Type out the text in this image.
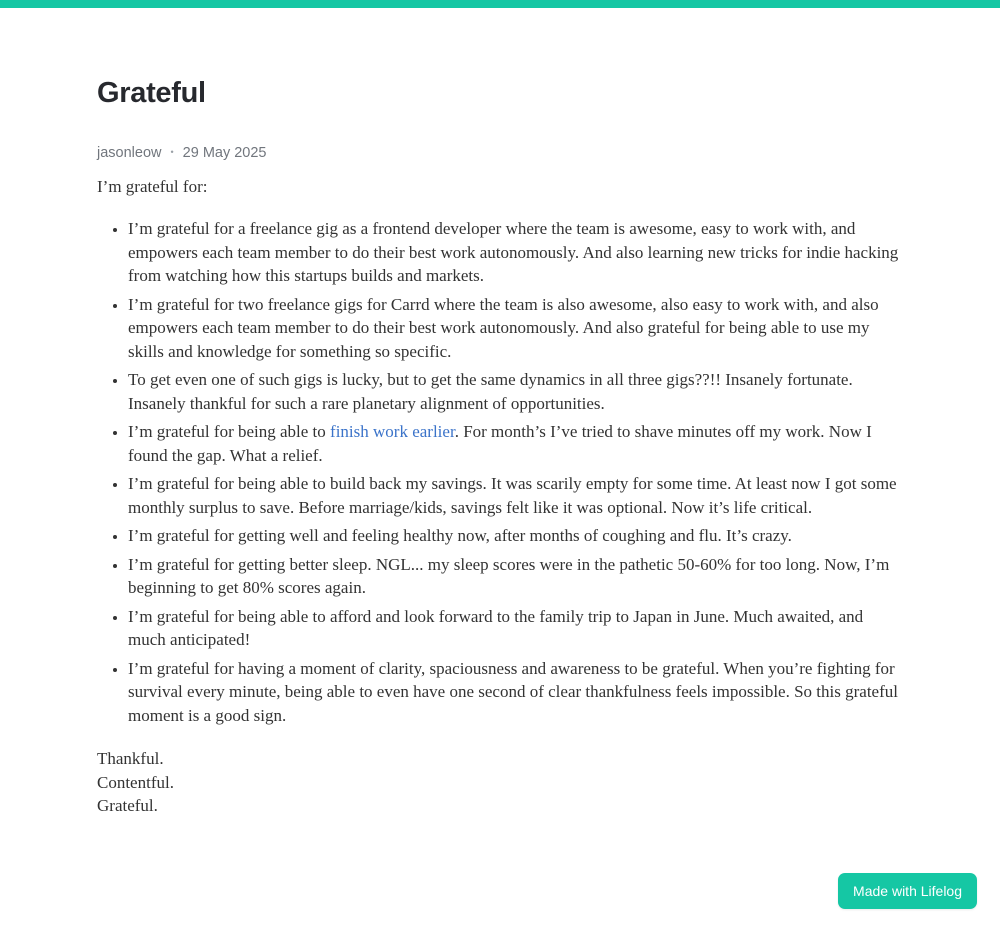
Grateful
jasonleow • 29 May 2025

I’m grateful for:

• I’m grateful for a freelance gig as a frontend developer where the team is awesome, easy to work with, and empowers each team member to do their best work autonomously. And also learning new tricks for indie hacking from watching how this startups builds and markets.
• I’m grateful for two freelance gigs for Carrd where the team is also awesome, also easy to work with, and also empowers each team member to do their best work autonomously. And also grateful for being able to use my skills and knowledge for something so specific.
• To get even one of such gigs is lucky, but to get the same dynamics in all three gigs??!! Insanely fortunate. Insanely thankful for such a rare planetary alignment of opportunities.
• I’m grateful for being able to finish work earlier. For month’s I’ve tried to shave minutes off my work. Now I found the gap. What a relief.
• I’m grateful for being able to build back my savings. It was scarily empty for some time. At least now I got some monthly surplus to save. Before marriage/kids, savings felt like it was optional. Now it’s life critical.
• I’m grateful for getting well and feeling healthy now, after months of coughing and flu. It’s crazy.
• I’m grateful for getting better sleep. NGL... my sleep scores were in the pathetic 50-60% for too long. Now, I’m beginning to get 80% scores again.
• I’m grateful for being able to afford and look forward to the family trip to Japan in June. Much awaited, and much anticipated!
• I’m grateful for having a moment of clarity, spaciousness and awareness to be grateful. When you’re fighting for survival every minute, being able to even have one second of clear thankfulness feels impossible. So this grateful moment is a good sign.
Thankful.
Contentful.
Grateful.
Made with Lifelog
